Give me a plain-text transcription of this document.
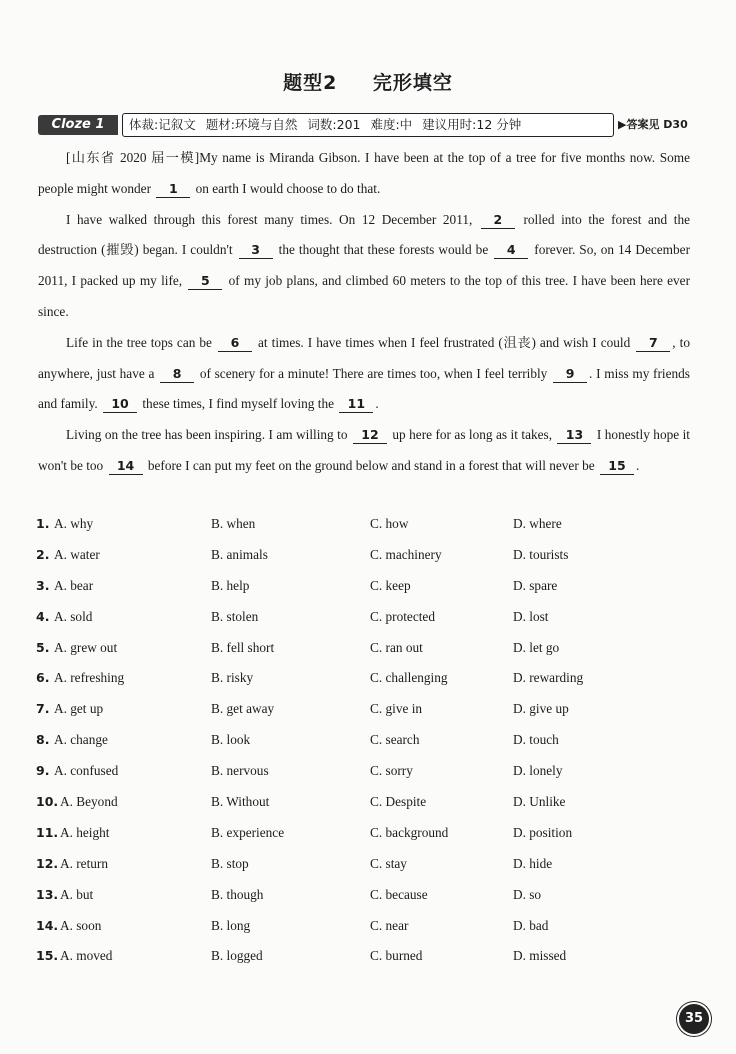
题型2 完形填空
Cloze 1	体裁:记叙文 题材:环境与自然 词数:201 难度:中 建议用时:12 分钟	▶答案见 D30

[山东省 2020 届一模]My name is Miranda Gibson. I have been at the top of a tree for five months now. Some people might wonder 1 on earth I would choose to do that.

I have walked through this forest many times. On 12 December 2011, 2 rolled into the forest and the destruction (摧毁) began. I couldn't 3 the thought that these forests would be 4 forever. So, on 14 December 2011, I packed up my life, 5 of my job plans, and climbed 60 meters to the top of this tree. I have been here ever since.

Life in the tree tops can be 6 at times. I have times when I feel frustrated (沮丧) and wish I could 7 , to anywhere, just have a 8 of scenery for a minute! There are times too, when I feel terribly 9 . I miss my friends and family. 10 these times, I find myself loving the 11 .

Living on the tree has been inspiring. I am willing to 12 up here for as long as it takes, 13 I honestly hope it won't be too 14 before I can put my feet on the ground below and stand in a forest that will never be 15 .

1. A. why	B. when	C. how	D. where
2. A. water	B. animals	C. machinery	D. tourists
3. A. bear	B. help	C. keep	D. spare
4. A. sold	B. stolen	C. protected	D. lost
5. A. grew out	B. fell short	C. ran out	D. let go
6. A. refreshing	B. risky	C. challenging	D. rewarding
7. A. get up	B. get away	C. give in	D. give up
8. A. change	B. look	C. search	D. touch
9. A. confused	B. nervous	C. sorry	D. lonely
10. A. Beyond	B. Without	C. Despite	D. Unlike
11. A. height	B. experience	C. background	D. position
12. A. return	B. stop	C. stay	D. hide
13. A. but	B. though	C. because	D. so
14. A. soon	B. long	C. near	D. bad
15. A. moved	B. logged	C. burned	D. missed
35
